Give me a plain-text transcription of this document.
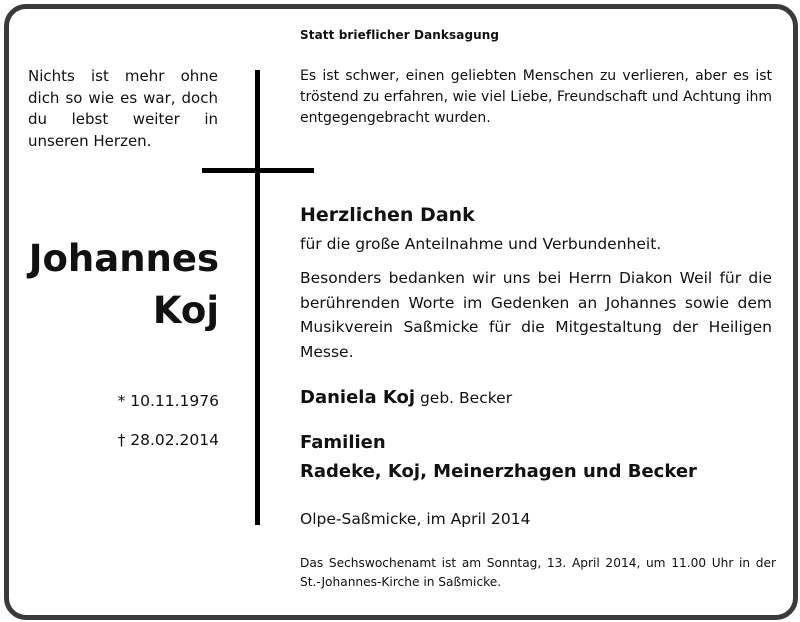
Statt brieflicher Danksagung

Nichts ist mehr ohne dich so wie es war, doch du lebst weiter in unseren Herzen.

Johannes
Koj

* 10.11.1976

† 28.02.2014

Es ist schwer, einen geliebten Menschen zu verlieren, aber es ist tröstend zu erfahren, wie viel Liebe, Freundschaft und Achtung ihm entgegengebracht wurden.

Herzlichen Dank

für die große Anteilnahme und Verbundenheit.

Besonders bedanken wir uns bei Herrn Diakon Weil für die berührenden Worte im Gedenken an Johannes sowie dem Musikverein Saßmicke für die Mitgestaltung der Heiligen Messe.

Daniela Koj geb. Becker

Familien
Radeke, Koj, Meinerzhagen und Becker

Olpe-Saßmicke, im April 2014

Das Sechswochenamt ist am Sonntag, 13. April 2014, um 11.00 Uhr in der St.-Johannes-Kirche in Saßmicke.
